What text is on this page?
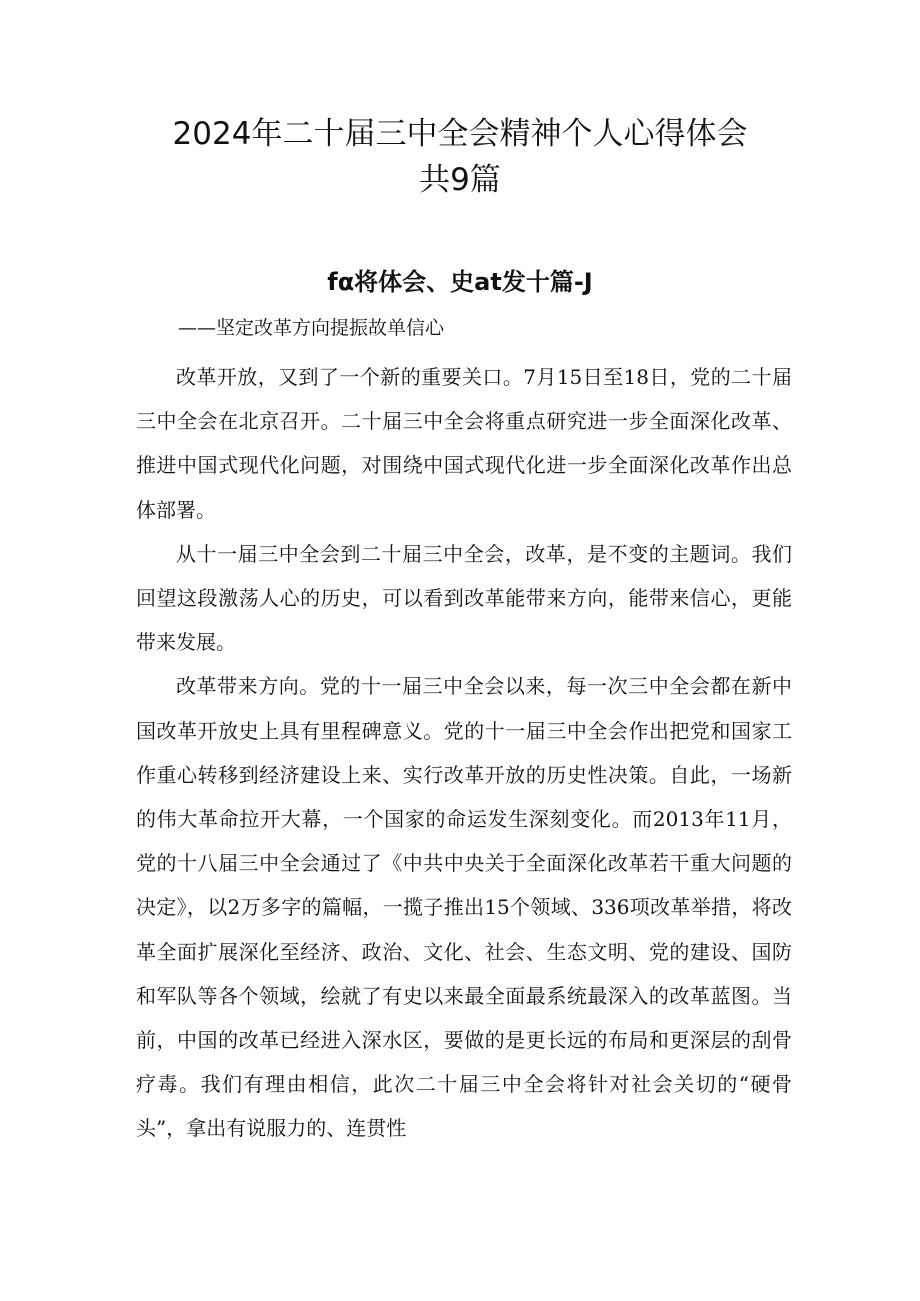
2024年二十届三中全会精神个人心得体会
共9篇
fα将体会、史at发十篇-J
——坚定改革方向提振故单信心

改革开放，又到了一个新的重要关口。7月15日至18日，党的二十届三中全会在北京召开。二十届三中全会将重点研究进一步全面深化改革、推进中国式现代化问题，对围绕中国式现代化进一步全面深化改革作出总体部署。

从十一届三中全会到二十届三中全会，改革，是不变的主题词。我们回望这段激荡人心的历史，可以看到改革能带来方向，能带来信心，更能带来发展。

改革带来方向。党的十一届三中全会以来，每一次三中全会都在新中国改革开放史上具有里程碑意义。党的十一届三中全会作出把党和国家工作重心转移到经济建设上来、实行改革开放的历史性决策。自此，一场新的伟大革命拉开大幕，一个国家的命运发生深刻变化。而2013年11月，党的十八届三中全会通过了《中共中央关于全面深化改革若干重大问题的决定》，以2万多字的篇幅，一揽子推出15个领域、336项改革举措，将改革全面扩展深化至经济、政治、文化、社会、生态文明、党的建设、国防和军队等各个领域，绘就了有史以来最全面最系统最深入的改革蓝图。当前，中国的改革已经进入深水区，要做的是更长远的布局和更深层的刮骨疗毒。我们有理由相信，此次二十届三中全会将针对社会关切的“硬骨头”，拿出有说服力的、连贯性
